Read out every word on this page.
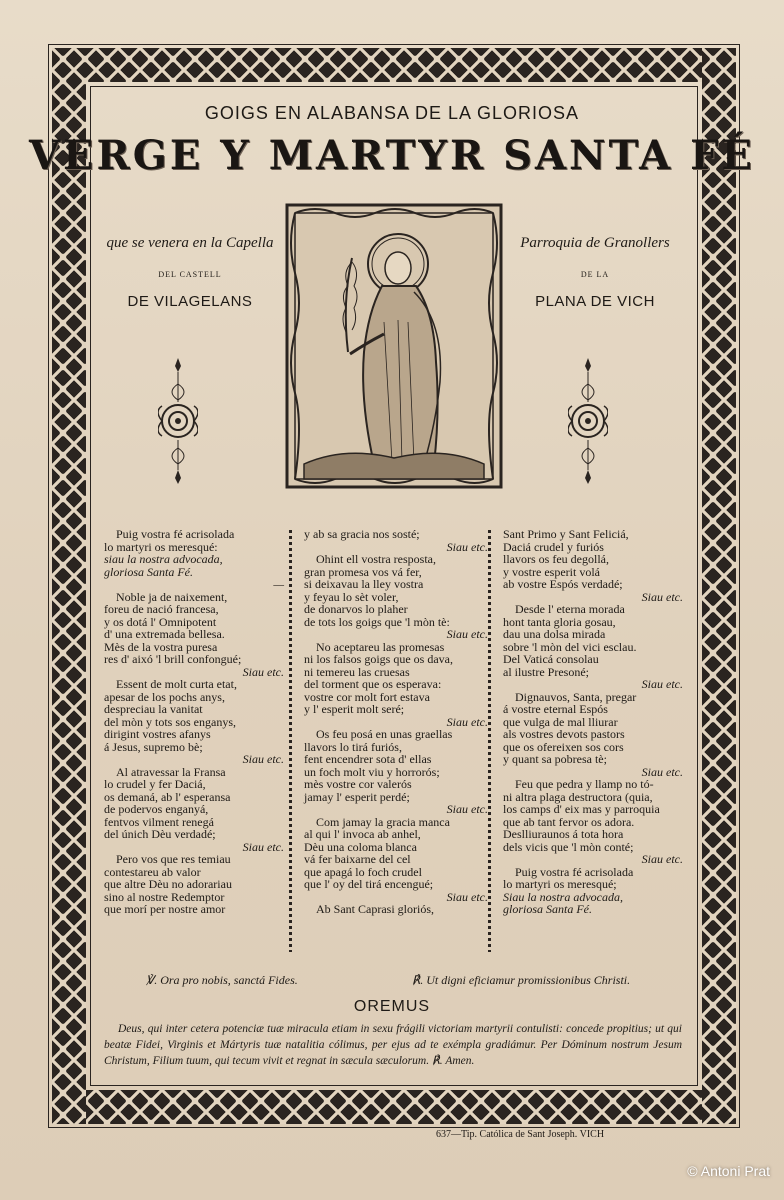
GOIGS EN ALABANSA DE LA GLORIOSA
VERGE Y MARTYR SANTA FÉ
que se venera en la Capella
DEL CASTELL
DE VILAGELANS
Parroquia de Granollers
DE LA
PLANA DE VICH
Puig vostra fé acrisolada
lo martyri os meresqué:
siau la nostra advocada,
gloriosa Santa Fé.
—
Noble ja de naixement,
foreu de nació francesa,
y os dotá l' Omnipotent
d' una extremada bellesa.
Mès de la vostra puresa
res d' aixó 'l brill confongué;
Siau etc.
Essent de molt curta etat,
apesar de los pochs anys,
despreciau la vanitat
del mòn y tots sos enganys,
dirigint vostres afanys
á Jesus, supremo bè;
Siau etc.
Al atravessar la Fransa
lo crudel y fer Daciá,
os demaná, ab l' esperansa
de podervos enganyá,
fentvos vilment renegá
del únich Dèu verdadé;
Siau etc.
Pero vos que res temiau
contestareu ab valor
que altre Dèu no adorariau
sino al nostre Redemptor
que morí per nostre amor
y ab sa gracia nos sosté;
Siau etc.
Ohint ell vostra resposta,
gran promesa vos vá fer,
si deixavau la lley vostra
y feyau lo sèt voler,
de donarvos lo plaher
de tots los goigs que 'l mòn tè:
Siau etc.
No aceptareu las promesas
ni los falsos goigs que os dava,
ni temereu las cruesas
del torment que os esperava:
vostre cor molt fort estava
y l' esperit molt seré;
Siau etc.
Os feu posá en unas graellas
llavors lo tirá furiós,
fent encendrer sota d' ellas
un foch molt viu y horrorós;
mès vostre cor valerós
jamay l' esperit perdé;
Siau etc.
Com jamay la gracia manca
al qui l' invoca ab anhel,
Dèu una coloma blanca
vá fer baixarne del cel
que apagá lo foch crudel
que l' oy del tirá encengué;
Siau etc.
Ab Sant Caprasi gloriós,
Sant Primo y Sant Feliciá,
Daciá crudel y furiós
llavors os feu degollá,
y vostre esperit volá
ab vostre Espós verdadé;
Siau etc.
Desde l' eterna morada
hont tanta gloria gosau,
dau una dolsa mirada
sobre 'l mòn del vici esclau.
Del Vaticá consolau
al ilustre Presoné;
Siau etc.
Dignauvos, Santa, pregar
á vostre eternal Espós
que vulga de mal lliurar
als vostres devots pastors
que os ofereixen sos cors
y quant sa pobresa tè;
Siau etc.
Feu que pedra y llamp no tó-
ni altra plaga destructora (quia,
los camps d' eix mas y parroquia
que ab tant fervor os adora.
Deslliuraunos á tota hora
dels vicis que 'l mòn conté;
Siau etc.
Puig vostra fé acrisolada
lo martyri os meresqué;
Siau la nostra advocada,
gloriosa Santa Fé.
℣. Ora pro nobis, sanctá Fides.	℟. Ut digni eficiamur promissionibus Christi.
OREMUS
Deus, qui inter cetera potenciæ tuæ miracula etiam in sexu frágili victoriam martyrii contulisti: concede propitius; ut qui beatæ Fidei, Virginis et Mártyris tuæ natalitia cólimus, per ejus ad te exémpla gradiámur. Per Dóminum nostrum Jesum Christum, Filium tuum, qui tecum vivit et regnat in sæcula sæculorum. ℟. Amen.
637—Tip. Católica de Sant Joseph. VICH
© Antoni Prat
